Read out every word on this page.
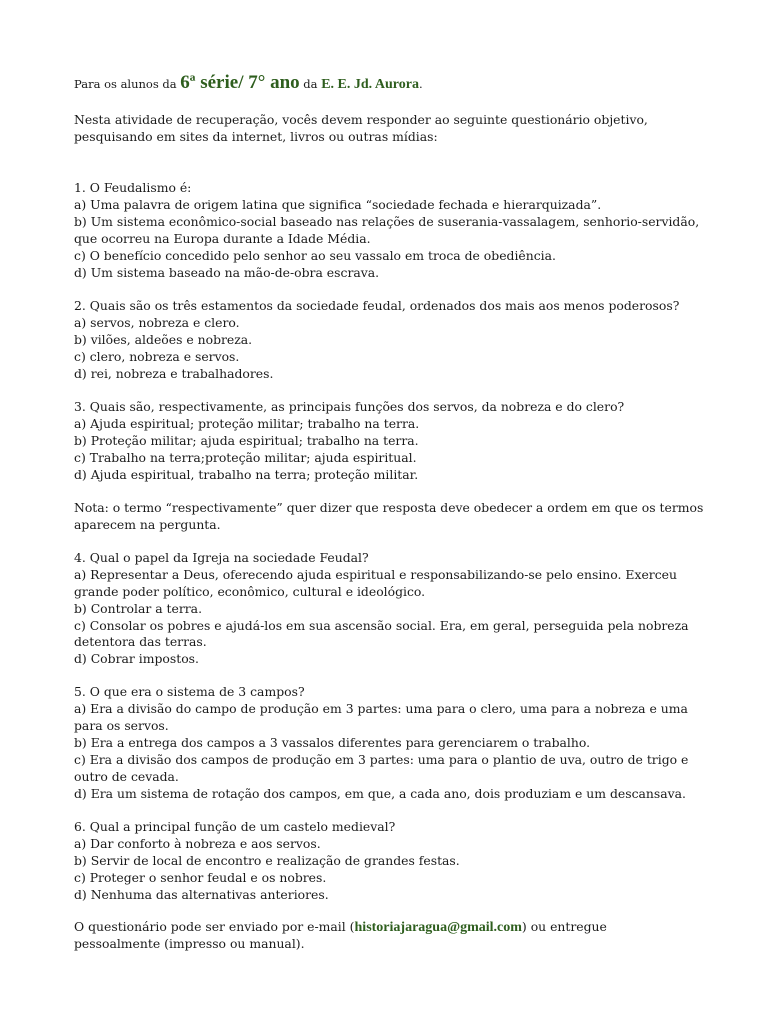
Para os alunos da 6ª série/ 7° ano da E. E. Jd. Aurora.
Nesta atividade de recuperação, vocês devem responder ao seguinte questionário objetivo,
pesquisando em sites da internet, livros ou outras mídias:
1. O Feudalismo é:
a) Uma palavra de origem latina que significa “sociedade fechada e hierarquizada”.
b) Um sistema econômico-social baseado nas relações de suserania-vassalagem, senhorio-servidão,
que ocorreu na Europa durante a Idade Média.
c) O benefício concedido pelo senhor ao seu vassalo em troca de obediência.
d) Um sistema baseado na mão-de-obra escrava.
2. Quais são os três estamentos da sociedade feudal, ordenados dos mais aos menos poderosos?
a) servos, nobreza e clero.
b) vilões, aldeões e nobreza.
c) clero, nobreza e servos.
d) rei, nobreza e trabalhadores.
3. Quais são, respectivamente, as principais funções dos servos, da nobreza e do clero?
a) Ajuda espiritual; proteção militar; trabalho na terra.
b) Proteção militar; ajuda espiritual; trabalho na terra.
c) Trabalho na terra;proteção militar; ajuda espiritual.
d) Ajuda espiritual, trabalho na terra; proteção militar.
Nota: o termo “respectivamente” quer dizer que resposta deve obedecer a ordem em que os termos
aparecem na pergunta.
4. Qual o papel da Igreja na sociedade Feudal?
a) Representar a Deus, oferecendo ajuda espiritual e responsabilizando-se pelo ensino. Exerceu
grande poder político, econômico, cultural e ideológico.
b) Controlar a terra.
c) Consolar os pobres e ajudá-los em sua ascensão social. Era, em geral, perseguida pela nobreza
detentora das terras.
d) Cobrar impostos.
5. O que era o sistema de 3 campos?
a) Era a divisão do campo de produção em 3 partes: uma para o clero, uma para a nobreza e uma
para os servos.
b) Era a entrega dos campos a 3 vassalos diferentes para gerenciarem o trabalho.
c) Era a divisão dos campos de produção em 3 partes: uma para o plantio de uva, outro de trigo e
outro de cevada.
d) Era um sistema de rotação dos campos, em que, a cada ano, dois produziam e um descansava.
6. Qual a principal função de um castelo medieval?
a) Dar conforto à nobreza e aos servos.
b) Servir de local de encontro e realização de grandes festas.
c) Proteger o senhor feudal e os nobres.
d) Nenhuma das alternativas anteriores.
O questionário pode ser enviado por e-mail (historiajaragua@gmail.com) ou entregue
pessoalmente (impresso ou manual).
